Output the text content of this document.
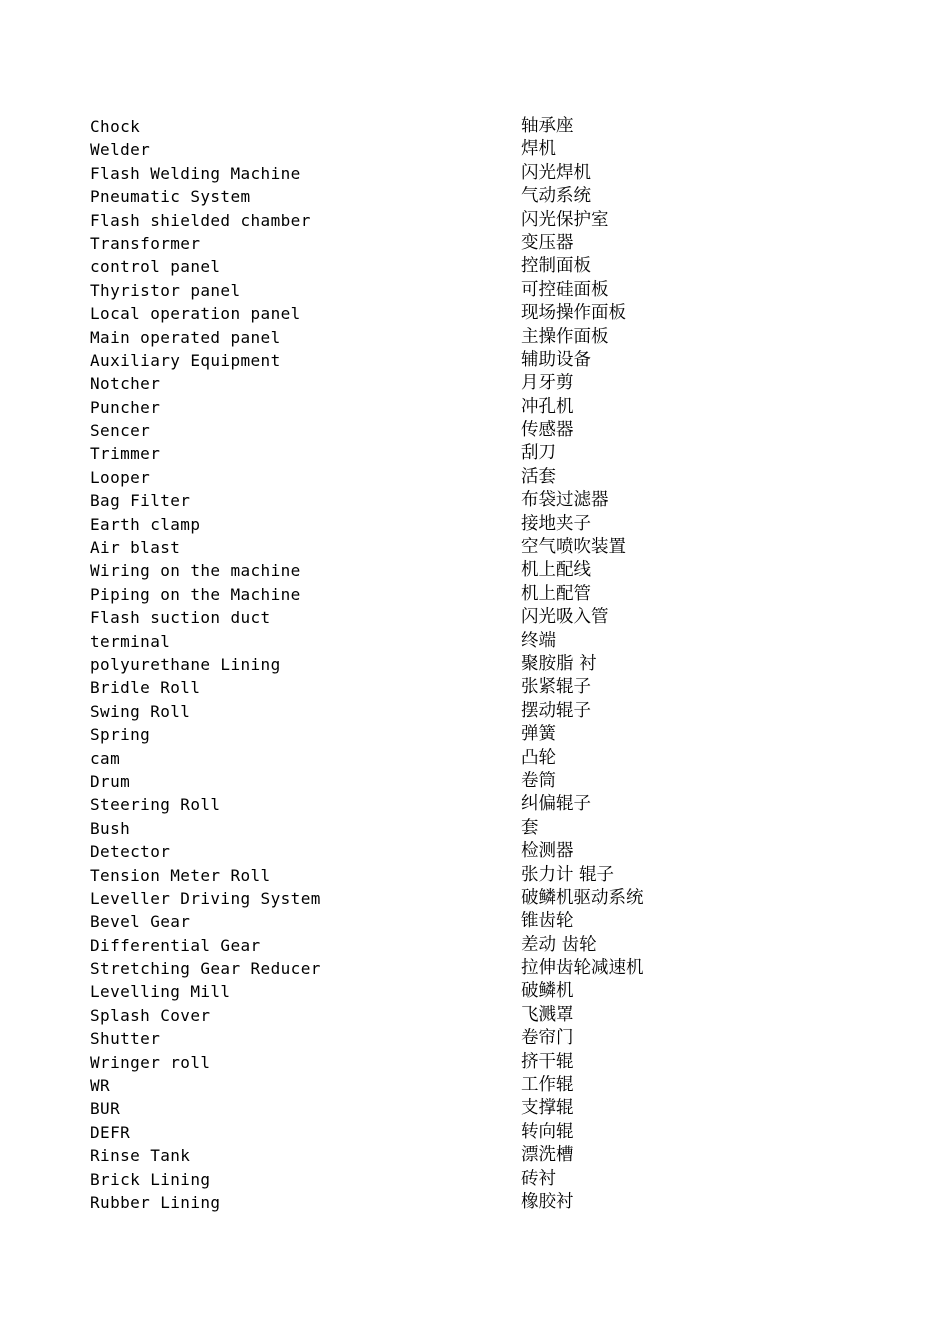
Chock	轴承座
Welder	焊机
Flash Welding Machine	闪光焊机
Pneumatic System	气动系统
Flash shielded chamber	闪光保护室
Transformer	变压器
control panel	控制面板
Thyristor panel	可控硅面板
Local operation panel	现场操作面板
Main operated panel	主操作面板
Auxiliary Equipment	辅助设备
Notcher	月牙剪
Puncher	冲孔机
Sencer	传感器
Trimmer	刮刀
Looper	活套
Bag Filter	布袋过滤器
Earth clamp	接地夹子
Air blast	空气喷吹装置
Wiring on the machine	机上配线
Piping on the Machine	机上配管
Flash suction duct	闪光吸入管
terminal	终端
polyurethane Lining	聚胺脂 衬
Bridle Roll	张紧辊子
Swing Roll	摆动辊子
Spring	弹簧
cam	凸轮
Drum	卷筒
Steering Roll	纠偏辊子
Bush	套
Detector	检测器
Tension Meter Roll	张力计 辊子
Leveller Driving System	破鳞机驱动系统
Bevel Gear	锥齿轮
Differential Gear	差动 齿轮
Stretching Gear Reducer	拉伸齿轮减速机
Levelling Mill	破鳞机
Splash Cover	飞溅罩
Shutter	卷帘门
Wringer roll	挤干辊
WR	工作辊
BUR	支撑辊
DEFR	转向辊
Rinse Tank	漂洗槽
Brick Lining	砖衬
Rubber Lining	橡胶衬
